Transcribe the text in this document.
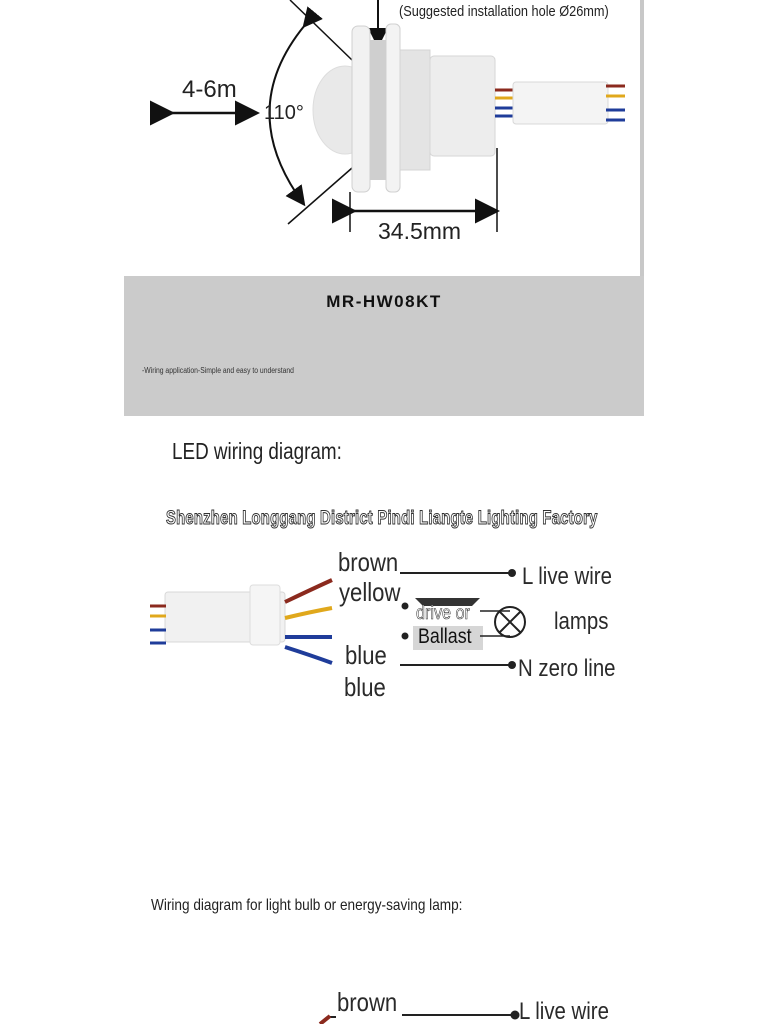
(Suggested installation hole Ø26mm)
4-6m
110°
34.5mm
MR-HW08KT
-Wiring application-Simple and easy to understand
LED wiring diagram:
Shenzhen Longgang District Pindi Liangte Lighting Factory
brown
yellow
blue
blue
L live wire
lamps
N zero line
drive or
Ballast
Wiring diagram for light bulb or energy-saving lamp:
brown	L live wire
